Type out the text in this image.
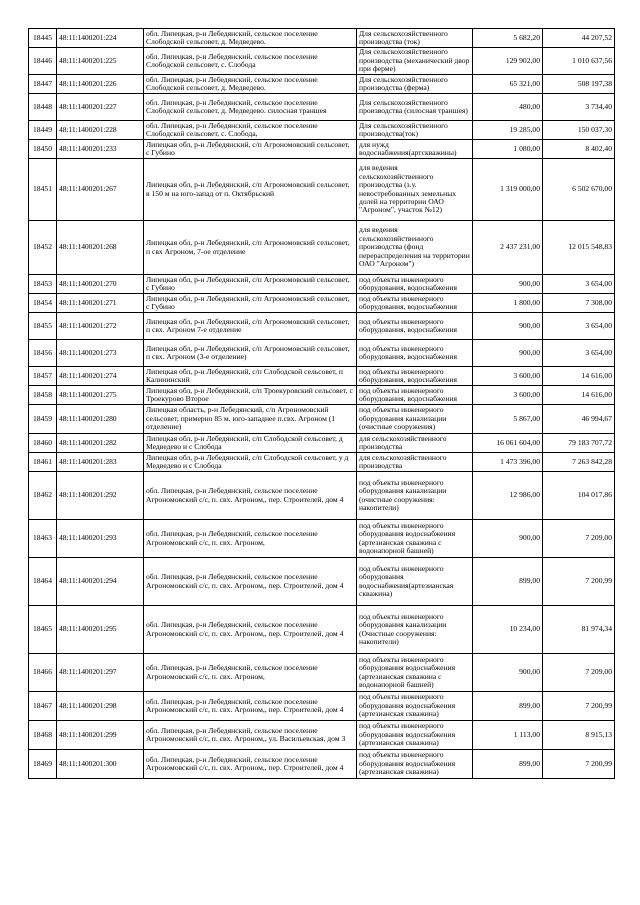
18445	48:11:1400201:224	обл. Липецкая, р-н Лебедянский, сельское поселение Слободской сельсовет, д. Медведево.	Для сельскохозяйственного производства (ток)	5 682,20	44 207,52
18446	48:11:1400201:225	обл. Липецкая, р-н Лебедянский, сельское поселение Слободской сельсовет, с. Слобода	Для сельскохозяйственного производства (механический двор при ферме)	129 902,00	1 010 637,56
18447	48:11:1400201:226	обл. Липецкая, р-н Лебедянский, сельское поселение Слободской сельсовет, д. Медведево.	Для сельскохозяйственного производства (ферма)	65 321,00	508 197,38
18448	48:11:1400201:227	обл. Липецкая, р-н Лебедянский, сельское поселение Слободской сельсовет, д. Медведево. силосная траншея	Для сельскохозяйственного производства (силосная траншея)	480,00	3 734,40
18449	48:11:1400201:228	обл. Липецкая, р-н Лебедянский, сельское поселение Слободской сельсовет, с. Слобода,	Для сельскохозяйственного производства(ток)	19 285,00	150 037,30
18450	48:11:1400201:233	Липецкая обл, р-н Лебедянский, с/п Агрономовский сельсовет, с Губино	для нужд водоснабжения(артскважины)	1 080,00	8 402,40
18451	48:11:1400201:267	Липецкая обл, р-н Лебедянский, с/п Агрономовский сельсовет, в 150 м на юго-запад от п. Октябрьский	для ведения сельскохозяйственного производства (з.у. невостребованных земельных долей на территории ОАО "Агроном", участок №12)	1 319 000,00	6 502 670,00
18452	48:11:1400201:268	Липецкая обл, р-н Лебедянский, с/п Агрономовский сельсовет, п свх Агроном, 7-ое отделение	для ведения сельскохозяйственного производства (фонд перераспределения на территории ОАО "Агроном")	2 437 231,00	12 015 548,83
18453	48:11:1400201:270	Липецкая обл, р-н Лебедянский, с/п Агрономовский сельсовет, с Губино	под объекты инженерного оборудования, водоснабжения	900,00	3 654,00
18454	48:11:1400201:271	Липецкая обл, р-н Лебедянский, с/п Агрономовский сельсовет, с Губино	под объекты инженерного оборудования, водоснабжения	1 800,00	7 308,00
18455	48:11:1400201:272	Липецкая обл, р-н Лебедянский, с/п Агрономовский сельсовет, п свх. Агроном 7-е отделение	под объекты инженерного оборудования, водоснабжения	900,00	3 654,00
18456	48:11:1400201:273	Липецкая обл, р-н Лебедянский, с/п Агрономовский сельсовет, п свх. Агроном (3-е отделение)	под объекты инженерного оборудования, водоснабжения	900,00	3 654,00
18457	48:11:1400201:274	Липецкая обл, р-н Лебедянский, с/п Слободской сельсовет, п Калининский	под объекты инженерного оборудования, водоснабжения	3 600,00	14 616,00
18458	48:11:1400201:275	Липецкая обл, р-н Лебедянский, с/п Троекуровский сельсовет, с Троекурово Второе	под объекты инженерного оборудования, водоснабжения	3 600,00	14 616,00
18459	48:11:1400201:280	Липецкая область, р-н Лебедянский, с/п Агрономовский сельсовет, примерно 85 м. юго-западнее п.свх. Агроном (1 отделение)	под объекты инженерного оборудования канализации (очистные сооружения)	5 867,00	46 994,67
18460	48:11:1400201:282	Липецкая обл, р-н Лебедянский, с/п Слободской сельсовет, д Медведево и с Слобода	для сельскохозяйственного производства	16 061 604,00	79 183 707,72
18461	48:11:1400201:283	Липецкая обл, р-н Лебедянский, с/п Слободской сельсовет, у д Медведево и с Слобода	для сельскохозяйственного производства	1 473 396,00	7 263 842,28
18462	48:11:1400201:292	обл. Липецкая, р-н Лебедянский, сельское поселение Агрономовский с/с, п. свх. Агроном,, пер. Строителей, дом 4	под объекты инженерного оборудования канализации (очистные сооружения: накопители)	12 986,00	104 017,86
18463	48:11:1400201:293	обл. Липецкая, р-н Лебедянский, сельское поселение Агрономовский с/с, п. свх. Агроном,	под объекты инженерного оборудования водоснабжения (артезианская скважина с водонапорной башней)	900,00	7 209,00
18464	48:11:1400201:294	обл. Липецкая, р-н Лебедянский, сельское поселение Агрономовский с/с, п. свх. Агроном,, пер. Строителей, дом 4	под объекты инженерного оборудования водоснабжения(артезианская скважина)	899,00	7 200,99
18465	48:11:1400201:295	обл. Липецкая, р-н Лебедянский, сельское поселение Агрономовский с/с, п. свх. Агроном,, пер. Строителей, дом 4	под объекты инженерного оборудования канализации (Очистные сооружения: накопители)	10 234,00	81 974,34
18466	48:11:1400201:297	обл. Липецкая, р-н Лебедянский, сельское поселение Агрономовский с/с, п. свх. Агроном,	под объекты инженерного оборудования водоснабжения (артезианская скважина с водонапорной башней)	900,00	7 209,00
18467	48:11:1400201:298	обл. Липецкая, р-н Лебедянский, сельское поселение Агрономовский с/с, п. свх. Агроном,, пер. Строителей, дом 4	под объекты инженерного оборудования водоснабжения (артезианская скважина)	899,00	7 200,99
18468	48:11:1400201:299	обл. Липецкая, р-н Лебедянский, сельское поселение Агрономовский с/с, п. свх. Агроном,, ул. Васильевская, дом 3	под объекты инженерного оборудования водоснабжения (артезианская скважина)	1 113,00	8 915,13
18469	48:11:1400201:300	обл. Липецкая, р-н Лебедянский, сельское поселение Агрономовский с/с, п. свх. Агроном,, пер. Строителей, дом 4	под объекты инженерного оборудования водоснабжения (артезианская скважина)	899,00	7 200,99
